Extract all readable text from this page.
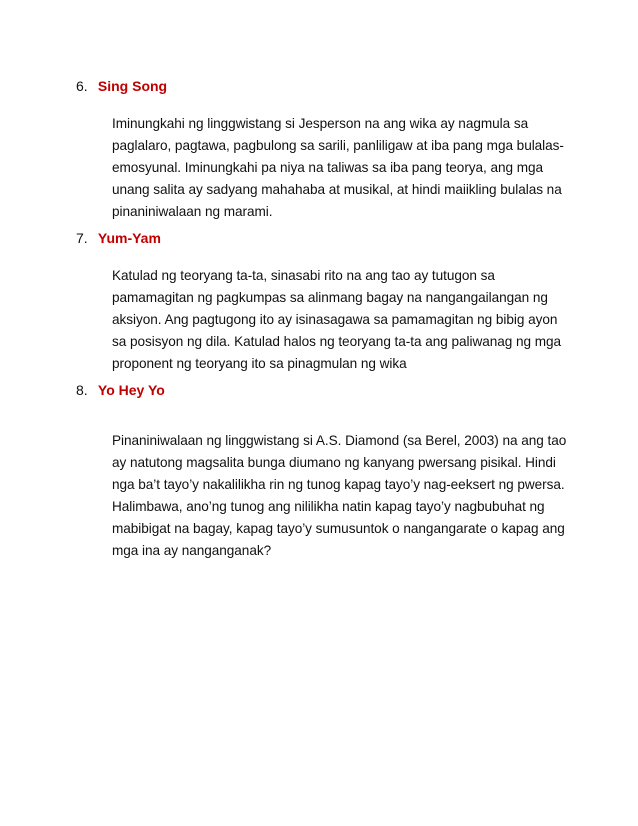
6. Sing Song

Iminungkahi ng linggwistang si Jesperson na ang wika ay nagmula sa
paglalaro, pagtawa, pagbulong sa sarili, panliligaw at iba pang mga bulalas-
emosyunal. Iminungkahi pa niya na taliwas sa iba pang teorya, ang mga
unang salita ay sadyang mahahaba at musikal, at hindi maiikling bulalas na
pinaniniwalaan ng marami.

7. Yum-Yam

Katulad ng teoryang ta-ta, sinasabi rito na ang tao ay tutugon sa
pamamagitan ng pagkumpas sa alinmang bagay na nangangailangan ng
aksiyon. Ang pagtugong ito ay isinasagawa sa pamamagitan ng bibig ayon
sa posisyon ng dila. Katulad halos ng teoryang ta-ta ang paliwanag ng mga
proponent ng teoryang ito sa pinagmulan ng wika

8. Yo Hey Yo

Pinaniniwalaan ng linggwistang si A.S. Diamond (sa Berel, 2003) na ang tao
ay natutong magsalita bunga diumano ng kanyang pwersang pisikal. Hindi
nga ba’t tayo’y nakalilikha rin ng tunog kapag tayo’y nag-eeksert ng pwersa.
Halimbawa, ano’ng tunog ang nililikha natin kapag tayo’y nagbubuhat ng
mabibigat na bagay, kapag tayo’y sumusuntok o nangangarate o kapag ang
mga ina ay nanganganak?
